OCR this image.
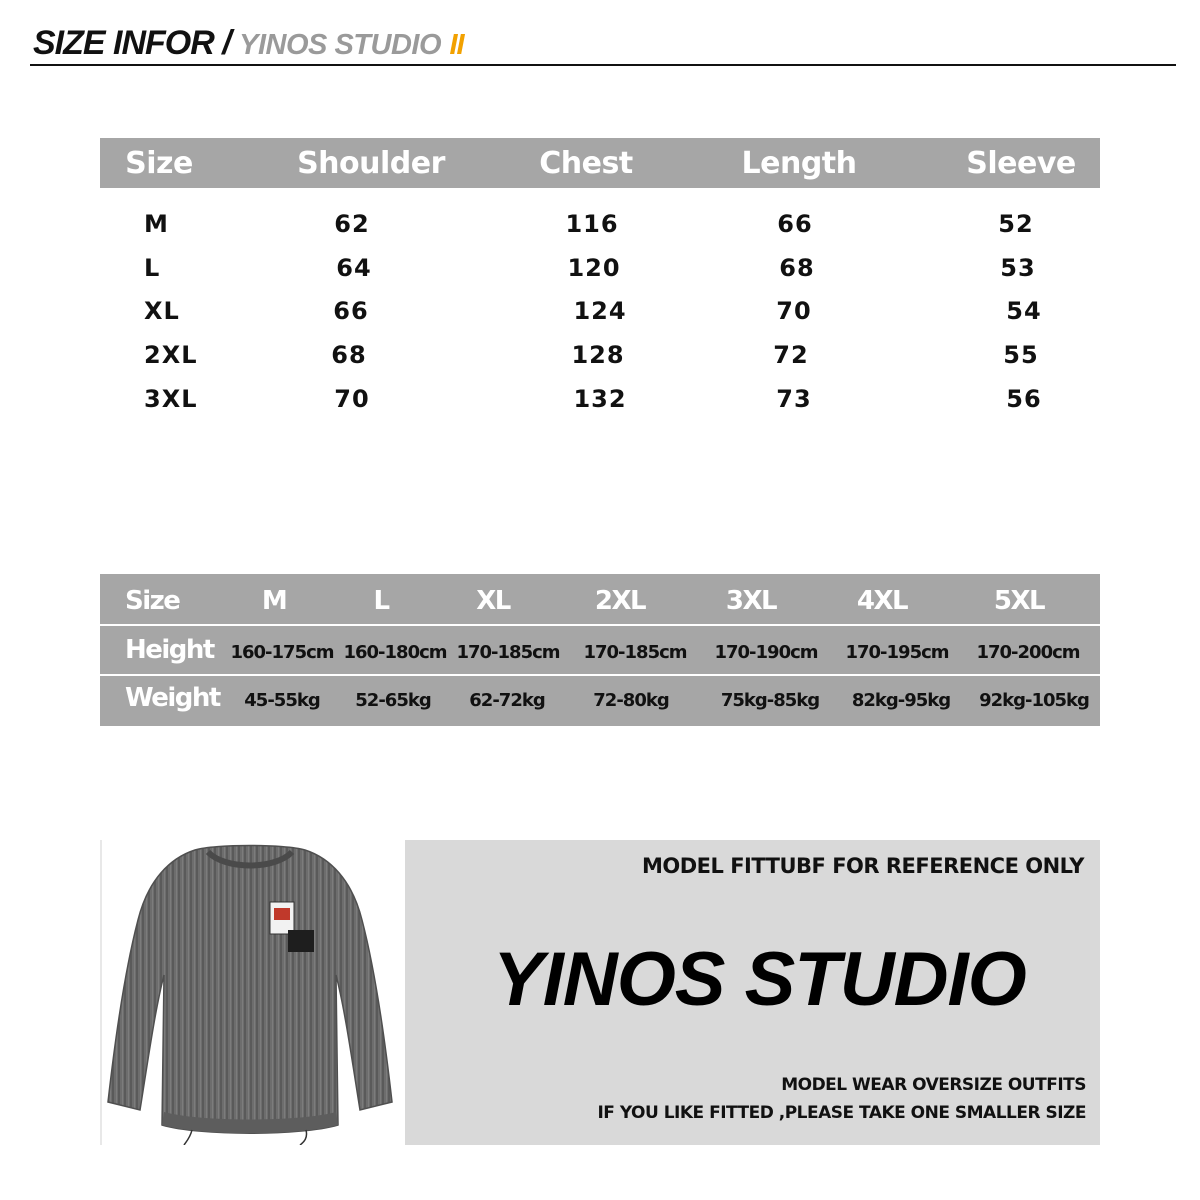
SIZE INFOR / YINOS STUDIO II
Size	Shoulder	Chest	Length	Sleeve
M	62	116	66	52
L	64	120	68	53
XL	66	124	70	54
2XL	68	128	72	55
3XL	70	132	73	56
Size	M	L	XL	2XL	3XL	4XL	5XL
Height 160-175cm 160-180cm 170-185cm 170-185cm 170-190cm 170-195cm 170-200cm
Weight 45-55kg 52-65kg 62-72kg	72-80kg	75kg-85kg 82kg-95kg 92kg-105kg
MODEL FITTUBF FOR REFERENCE ONLY
YINOS STUDIO
MODEL WEAR OVERSIZE OUTFITS
IF YOU LIKE FITTED ,PLEASE TAKE ONE SMALLER SIZE
